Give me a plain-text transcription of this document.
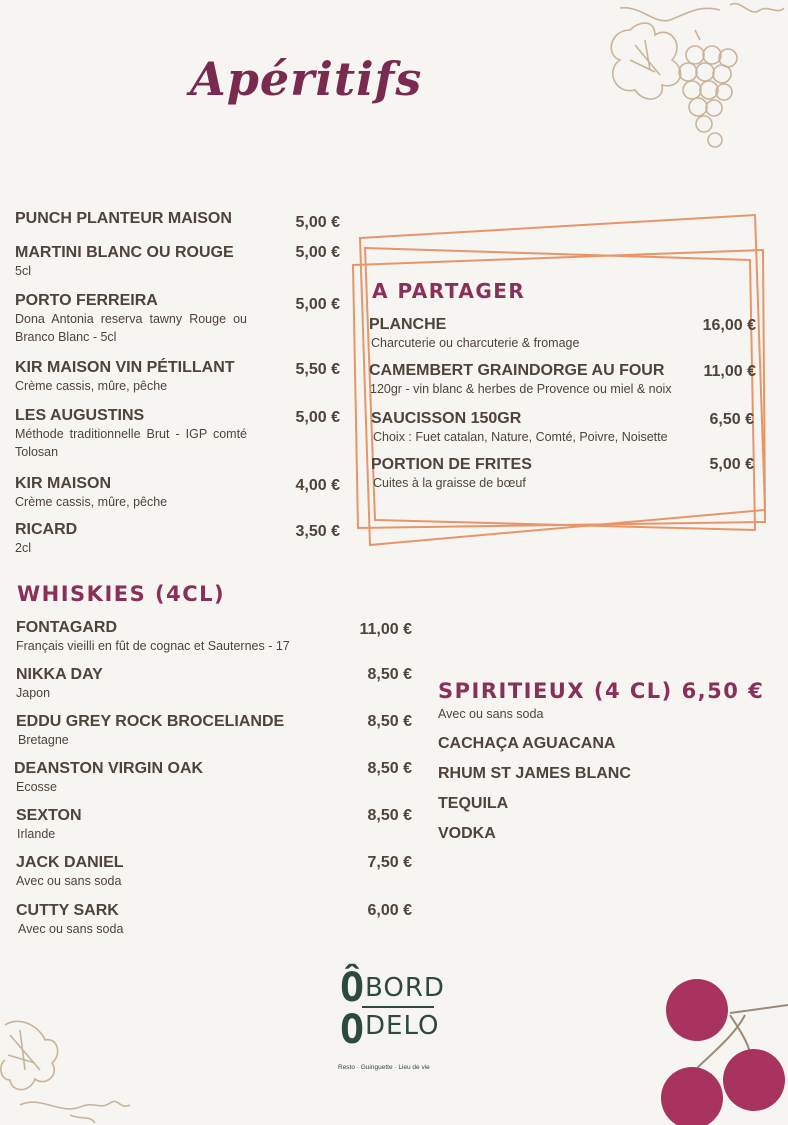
Apéritifs
PUNCH PLANTEUR MAISON	5,00 €
MARTINI BLANC OU ROUGE
5cl
5,00 €
PORTO FERREIRA
Dona Antonia reserva tawny Rouge ou Branco Blanc - 5cl
5,00 €
KIR MAISON VIN PÉTILLANT
Crème cassis, mûre, pêche
5,50 €
LES AUGUSTINS
Méthode traditionnelle Brut - IGP comté Tolosan
5,00 €
KIR MAISON
Crème cassis, mûre, pêche
4,00 €
RICARD
2cl
3,50 €
A PARTAGER
PLANCHE
Charcuterie ou charcuterie & fromage
16,00 €
CAMEMBERT GRAINDORGE AU FOUR
120gr - vin blanc & herbes de Provence ou miel & noix
11,00 €
SAUCISSON 150GR
Choix : Fuet catalan, Nature, Comté, Poivre, Noisette
6,50 €
PORTION DE FRITES
Cuites à la graisse de bœuf
5,00 €
WHISKIES (4CL)
FONTAGARD
Français vieilli en fût de cognac et Sauternes - 17
11,00 €
NIKKA DAY
Japon
8,50 €
EDDU GREY ROCK BROCELIANDE
Bretagne
8,50 €
DEANSTON VIRGIN OAK
Ecosse
8,50 €
SEXTON
Irlande
8,50 €
JACK DANIEL
Avec ou sans soda
7,50 €
CUTTY SARK
Avec ou sans soda
6,00 €
SPIRITIEUX (4 CL) 6,50 €
Avec ou sans soda
CACHAÇA AGUACANA
RHUM ST JAMES BLANC
TEQUILA
VODKA
Ô BORD
O DELO
Resto · Guinguette · Lieu de vie
